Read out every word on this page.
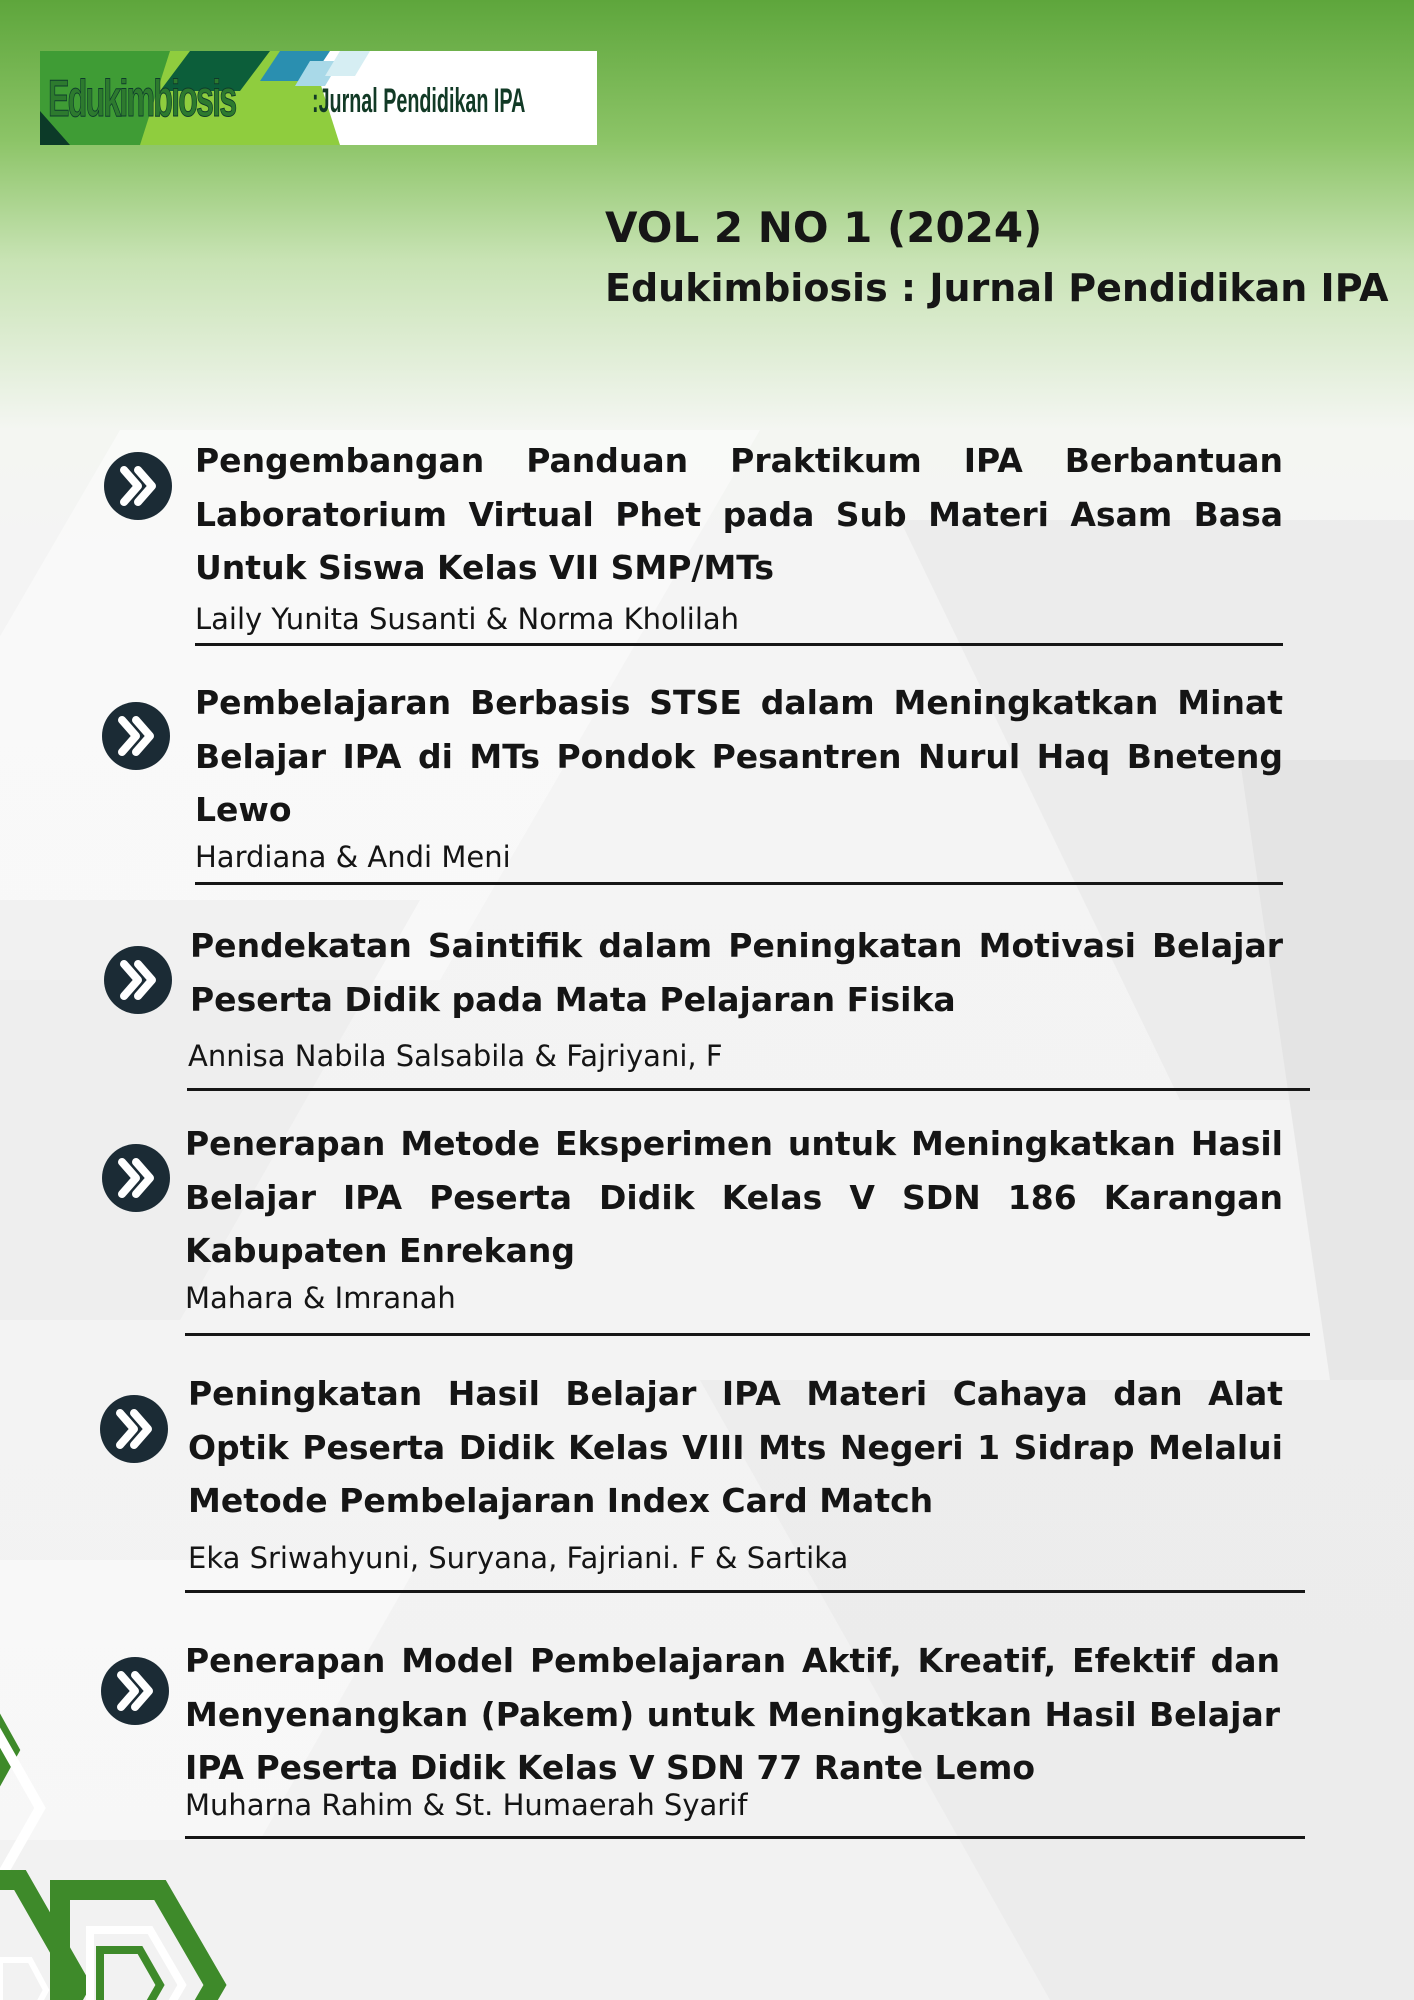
Edukimbiosis :Jurnal Pendidikan IPA
VOL 2 NO 1 (2024)
Edukimbiosis : Jurnal Pendidikan IPA

Pengembangan Panduan Praktikum IPA Berbantuan Laboratorium Virtual Phet pada Sub Materi Asam Basa Untuk Siswa Kelas VII SMP/MTs

Laily Yunita Susanti & Norma Kholilah

Pembelajaran Berbasis STSE dalam Meningkatkan Minat Belajar IPA di MTs Pondok Pesantren Nurul Haq Bneteng Lewo

Hardiana & Andi Meni

Pendekatan Saintifik dalam Peningkatan Motivasi Belajar Peserta Didik pada Mata Pelajaran Fisika

Annisa Nabila Salsabila & Fajriyani, F

Penerapan Metode Eksperimen untuk Meningkatkan Hasil Belajar IPA Peserta Didik Kelas V SDN 186 Karangan Kabupaten Enrekang

Mahara & Imranah

Peningkatan Hasil Belajar IPA Materi Cahaya dan Alat Optik Peserta Didik Kelas VIII Mts Negeri 1 Sidrap Melalui Metode Pembelajaran Index Card Match

Eka Sriwahyuni, Suryana, Fajriani. F & Sartika

Penerapan Model Pembelajaran Aktif, Kreatif, Efektif dan Menyenangkan (Pakem) untuk Meningkatkan Hasil Belajar IPA Peserta Didik Kelas V SDN 77 Rante Lemo

Muharna Rahim & St. Humaerah Syarif
